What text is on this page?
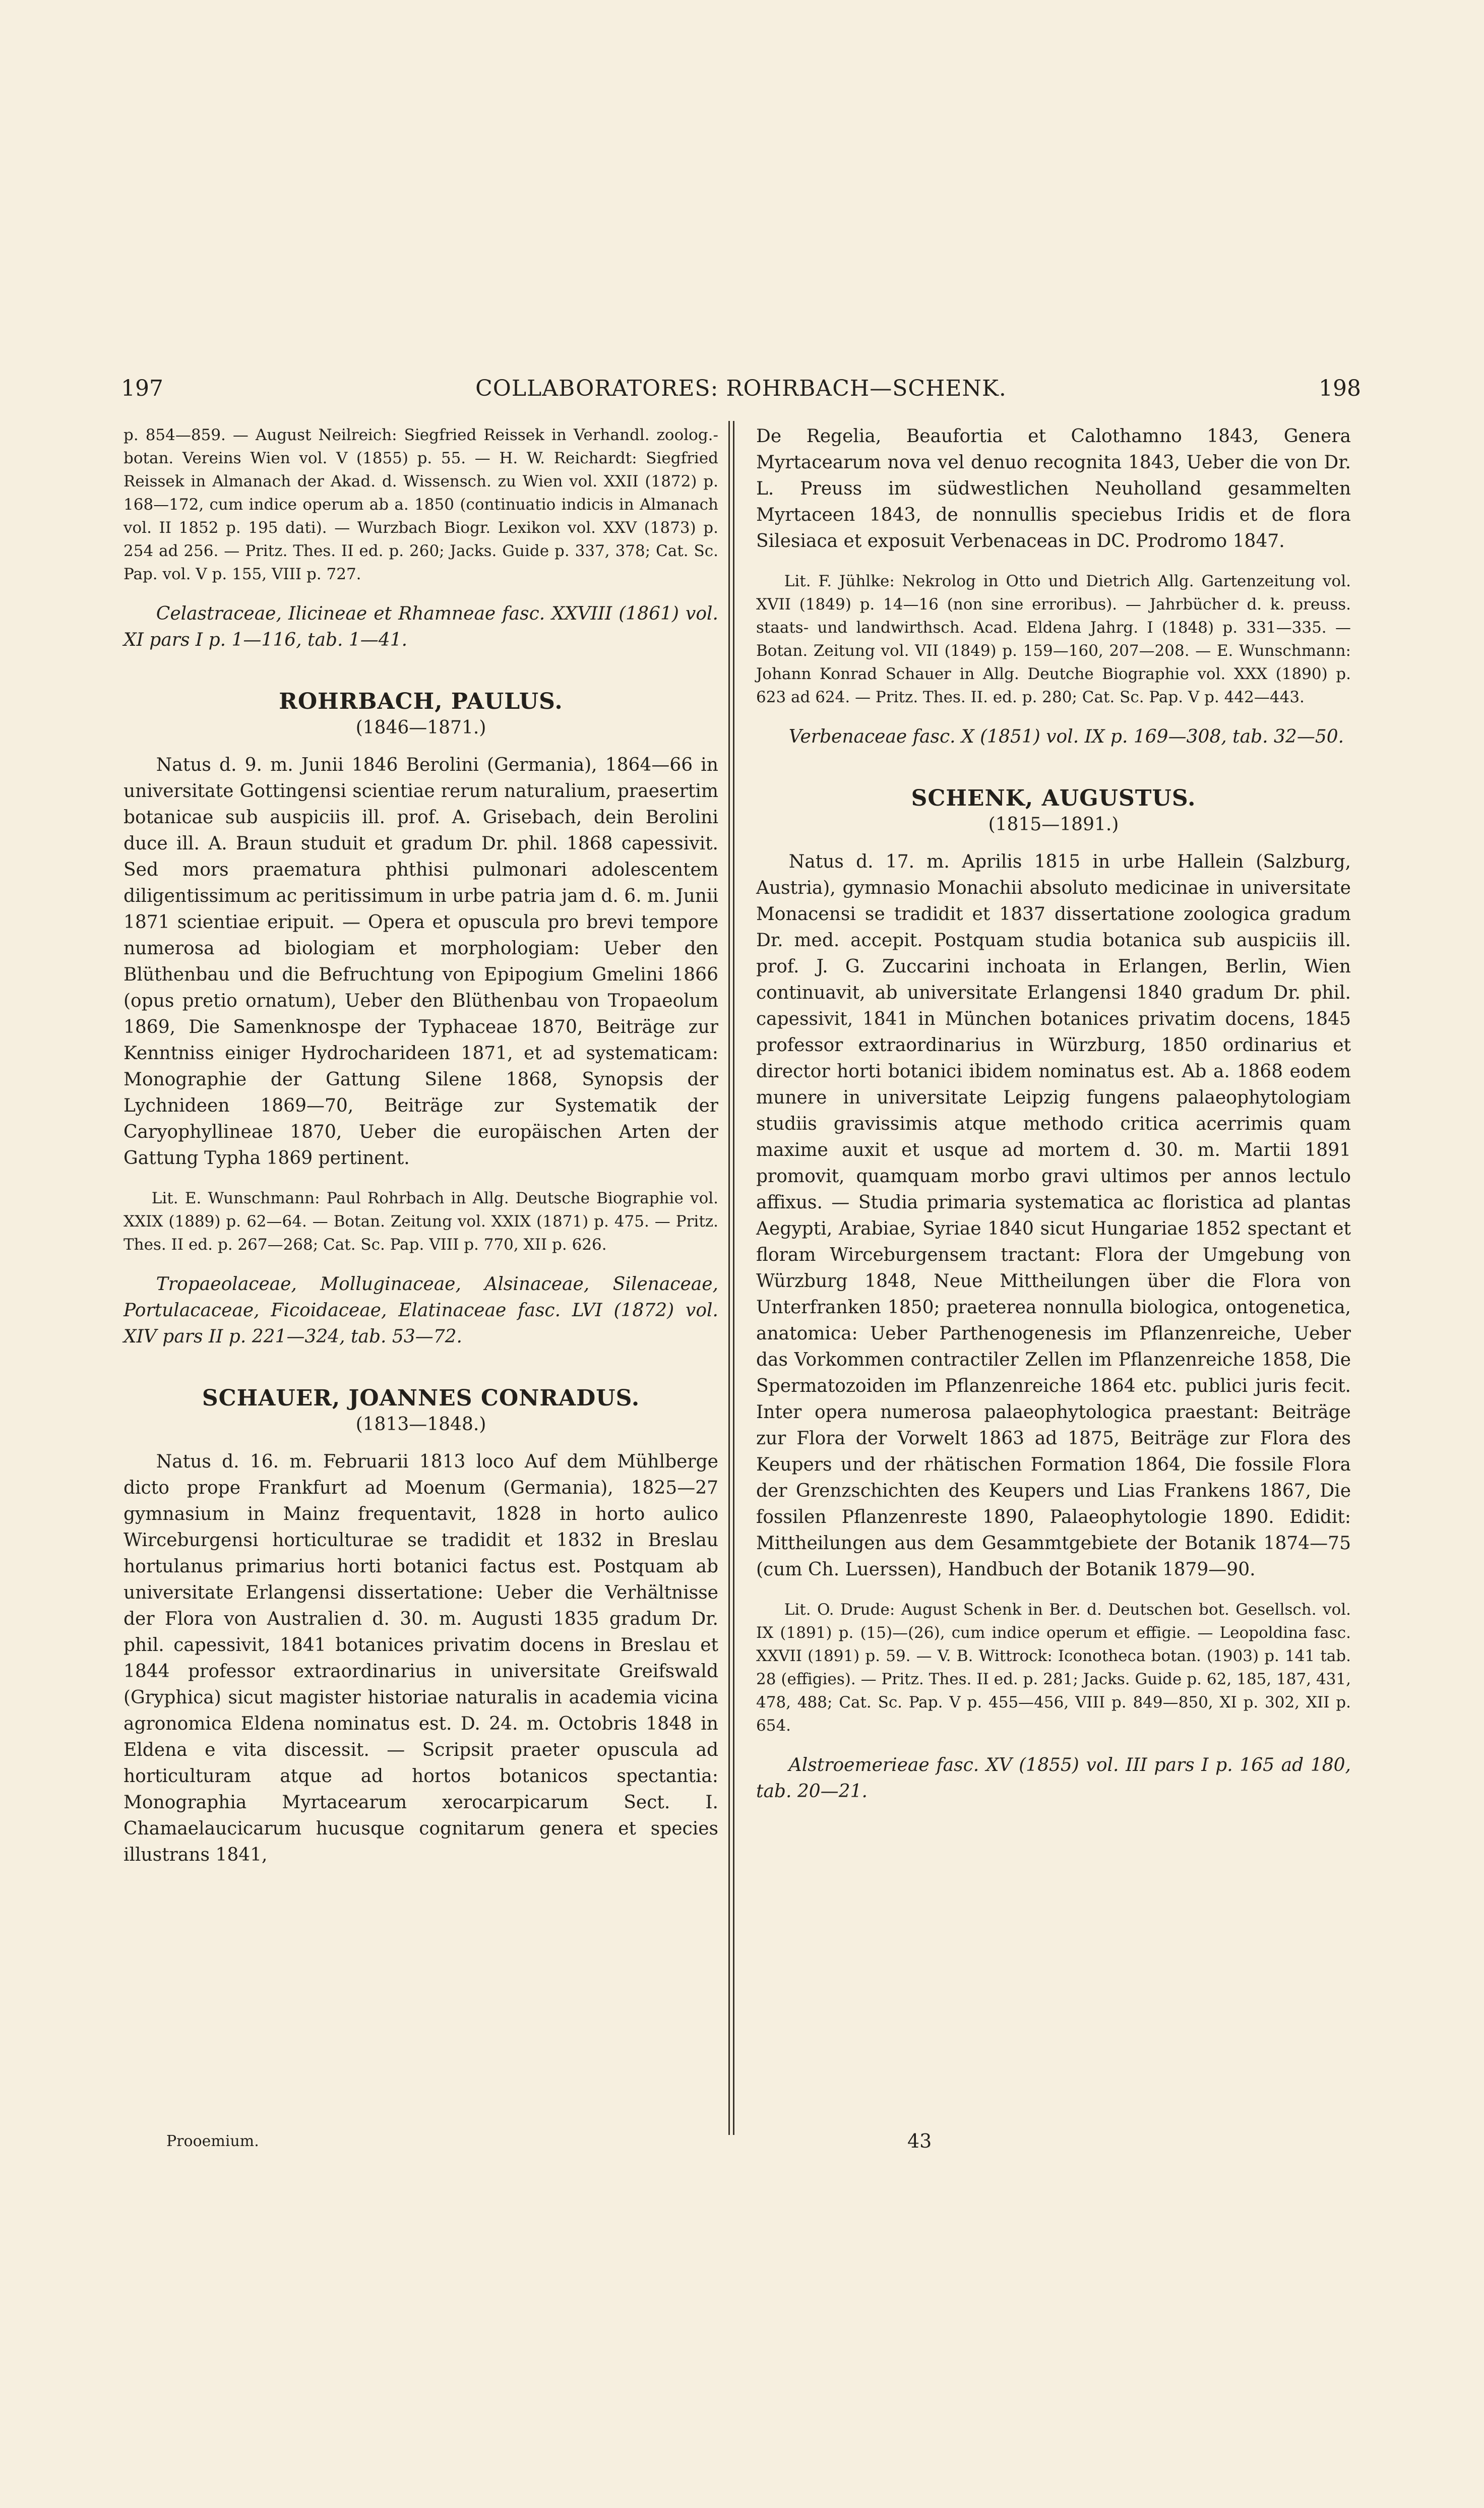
197	COLLABORATORES: ROHRBACH—SCHENK.	198

p. 854—859. — August Neilreich: Siegfried Reissek in Verhandl. zoolog.-botan. Vereins Wien vol. V (1855) p. 55. — H. W. Reichardt: Siegfried Reissek in Almanach der Akad. d. Wissensch. zu Wien vol. XXII (1872) p. 168—172, cum indice operum ab a. 1850 (continuatio indicis in Almanach vol. II 1852 p. 195 dati). — Wurzbach Biogr. Lexikon vol. XXV (1873) p. 254 ad 256. — Pritz. Thes. II ed. p. 260; Jacks. Guide p. 337, 378; Cat. Sc. Pap. vol. V p. 155, VIII p. 727.

Celastraceae, Ilicineae et Rhamneae fasc. XXVIII (1861) vol. XI pars I p. 1—116, tab. 1—41.

ROHRBACH, PAULUS.
(1846—1871.)

Natus d. 9. m. Junii 1846 Berolini (Germania), 1864—66 in universitate Gottingensi scientiae rerum naturalium, praesertim botanicae sub auspiciis ill. prof. A. Grisebach, dein Berolini duce ill. A. Braun studuit et gradum Dr. phil. 1868 capessivit. Sed mors praematura phthisi pulmonari adolescentem diligentissimum ac peritissimum in urbe patria jam d. 6. m. Junii 1871 scientiae eripuit. — Opera et opuscula pro brevi tempore numerosa ad biologiam et morphologiam: Ueber den Blüthenbau und die Befruchtung von Epipogium Gmelini 1866 (opus pretio ornatum), Ueber den Blüthenbau von Tropaeolum 1869, Die Samenknospe der Typhaceae 1870, Beiträge zur Kenntniss einiger Hydrocharideen 1871, et ad systematicam: Monographie der Gattung Silene 1868, Synopsis der Lychnideen 1869—70, Beiträge zur Systematik der Caryophyllineae 1870, Ueber die europäischen Arten der Gattung Typha 1869 pertinent.

Lit. E. Wunschmann: Paul Rohrbach in Allg. Deutsche Biographie vol. XXIX (1889) p. 62—64. — Botan. Zeitung vol. XXIX (1871) p. 475. — Pritz. Thes. II ed. p. 267—268; Cat. Sc. Pap. VIII p. 770, XII p. 626.

Tropaeolaceae, Molluginaceae, Alsinaceae, Silenaceae, Portulacaceae, Ficoidaceae, Elatinaceae fasc. LVI (1872) vol. XIV pars II p. 221—324, tab. 53—72.

SCHAUER, JOANNES CONRADUS.
(1813—1848.)

Natus d. 16. m. Februarii 1813 loco Auf dem Mühlberge dicto prope Frankfurt ad Moenum (Germania), 1825—27 gymnasium in Mainz frequentavit, 1828 in horto aulico Wirceburgensi horticulturae se tradidit et 1832 in Breslau hortulanus primarius horti botanici factus est. Postquam ab universitate Erlangensi dissertatione: Ueber die Verhältnisse der Flora von Australien d. 30. m. Augusti 1835 gradum Dr. phil. capessivit, 1841 botanices privatim docens in Breslau et 1844 professor extraordinarius in universitate Greifswald (Gryphica) sicut magister historiae naturalis in academia vicina agronomica Eldena nominatus est. D. 24. m. Octobris 1848 in Eldena e vita discessit. — Scripsit praeter opuscula ad horticulturam atque ad hortos botanicos spectantia: Monographia Myrtacearum xerocarpicarum Sect. I. Chamaelaucicarum hucusque cognitarum genera et species illustrans 1841,

De Regelia, Beaufortia et Calothamno 1843, Genera Myrtacearum nova vel denuo recognita 1843, Ueber die von Dr. L. Preuss im südwestlichen Neuholland gesammelten Myrtaceen 1843, de nonnullis speciebus Iridis et de flora Silesiaca et exposuit Verbenaceas in DC. Prodromo 1847.

Lit. F. Jühlke: Nekrolog in Otto und Dietrich Allg. Gartenzeitung vol. XVII (1849) p. 14—16 (non sine erroribus). — Jahrbücher d. k. preuss. staats- und landwirthsch. Acad. Eldena Jahrg. I (1848) p. 331—335. — Botan. Zeitung vol. VII (1849) p. 159—160, 207—208. — E. Wunschmann: Johann Konrad Schauer in Allg. Deutche Biographie vol. XXX (1890) p. 623 ad 624. — Pritz. Thes. II. ed. p. 280; Cat. Sc. Pap. V p. 442—443.

Verbenaceae fasc. X (1851) vol. IX p. 169—308, tab. 32—50.

SCHENK, AUGUSTUS.
(1815—1891.)

Natus d. 17. m. Aprilis 1815 in urbe Hallein (Salzburg, Austria), gymnasio Monachii absoluto medicinae in universitate Monacensi se tradidit et 1837 dissertatione zoologica gradum Dr. med. accepit. Postquam studia botanica sub auspiciis ill. prof. J. G. Zuccarini inchoata in Erlangen, Berlin, Wien continuavit, ab universitate Erlangensi 1840 gradum Dr. phil. capessivit, 1841 in München botanices privatim docens, 1845 professor extraordinarius in Würzburg, 1850 ordinarius et director horti botanici ibidem nominatus est. Ab a. 1868 eodem munere in universitate Leipzig fungens palaeophytologiam studiis gravissimis atque methodo critica acerrimis quam maxime auxit et usque ad mortem d. 30. m. Martii 1891 promovit, quamquam morbo gravi ultimos per annos lectulo affixus. — Studia primaria systematica ac floristica ad plantas Aegypti, Arabiae, Syriae 1840 sicut Hungariae 1852 spectant et floram Wirceburgensem tractant: Flora der Umgebung von Würzburg 1848, Neue Mittheilungen über die Flora von Unterfranken 1850; praeterea nonnulla biologica, ontogenetica, anatomica: Ueber Parthenogenesis im Pflanzenreiche, Ueber das Vorkommen contractiler Zellen im Pflanzenreiche 1858, Die Spermatozoiden im Pflanzenreiche 1864 etc. publici juris fecit. Inter opera numerosa palaeophytologica praestant: Beiträge zur Flora der Vorwelt 1863 ad 1875, Beiträge zur Flora des Keupers und der rhätischen Formation 1864, Die fossile Flora der Grenzschichten des Keupers und Lias Frankens 1867, Die fossilen Pflanzenreste 1890, Palaeophytologie 1890. Edidit: Mittheilungen aus dem Gesammtgebiete der Botanik 1874—75 (cum Ch. Luerssen), Handbuch der Botanik 1879—90.

Lit. O. Drude: August Schenk in Ber. d. Deutschen bot. Gesellsch. vol. IX (1891) p. (15)—(26), cum indice operum et effigie. — Leopoldina fasc. XXVII (1891) p. 59. — V. B. Wittrock: Iconotheca botan. (1903) p. 141 tab. 28 (effigies). — Pritz. Thes. II ed. p. 281; Jacks. Guide p. 62, 185, 187, 431, 478, 488; Cat. Sc. Pap. V p. 455—456, VIII p. 849—850, XI p. 302, XII p. 654.

Alstroemerieae fasc. XV (1855) vol. III pars I p. 165 ad 180, tab. 20—21.

Prooemium.	43
